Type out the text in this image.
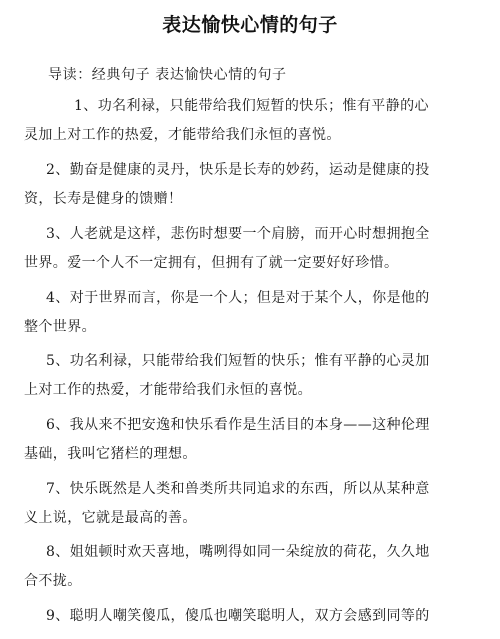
表达愉快心情的句子
导读：经典句子 表达愉快心情的句子
1、功名利禄，只能带给我们短暂的快乐；惟有平静的心
灵加上对工作的热爱，才能带给我们永恒的喜悦。
2、勤奋是健康的灵丹，快乐是长寿的妙药，运动是健康的投
资，长寿是健身的馈赠！
3、人老就是这样，悲伤时想要一个肩膀，而开心时想拥抱全
世界。爱一个人不一定拥有，但拥有了就一定要好好珍惜。
4、对于世界而言，你是一个人；但是对于某个人，你是他的
整个世界。
5、功名利禄，只能带给我们短暂的快乐；惟有平静的心灵加
上对工作的热爱，才能带给我们永恒的喜悦。
6、我从来不把安逸和快乐看作是生活目的本身——这种伦理
基础，我叫它猪栏的理想。
7、快乐既然是人类和兽类所共同追求的东西，所以从某种意
义上说，它就是最高的善。
8、姐姐顿时欢天喜地，嘴咧得如同一朵绽放的荷花，久久地
合不拢。
9、聪明人嘲笑傻瓜，傻瓜也嘲笑聪明人，双方会感到同等的
